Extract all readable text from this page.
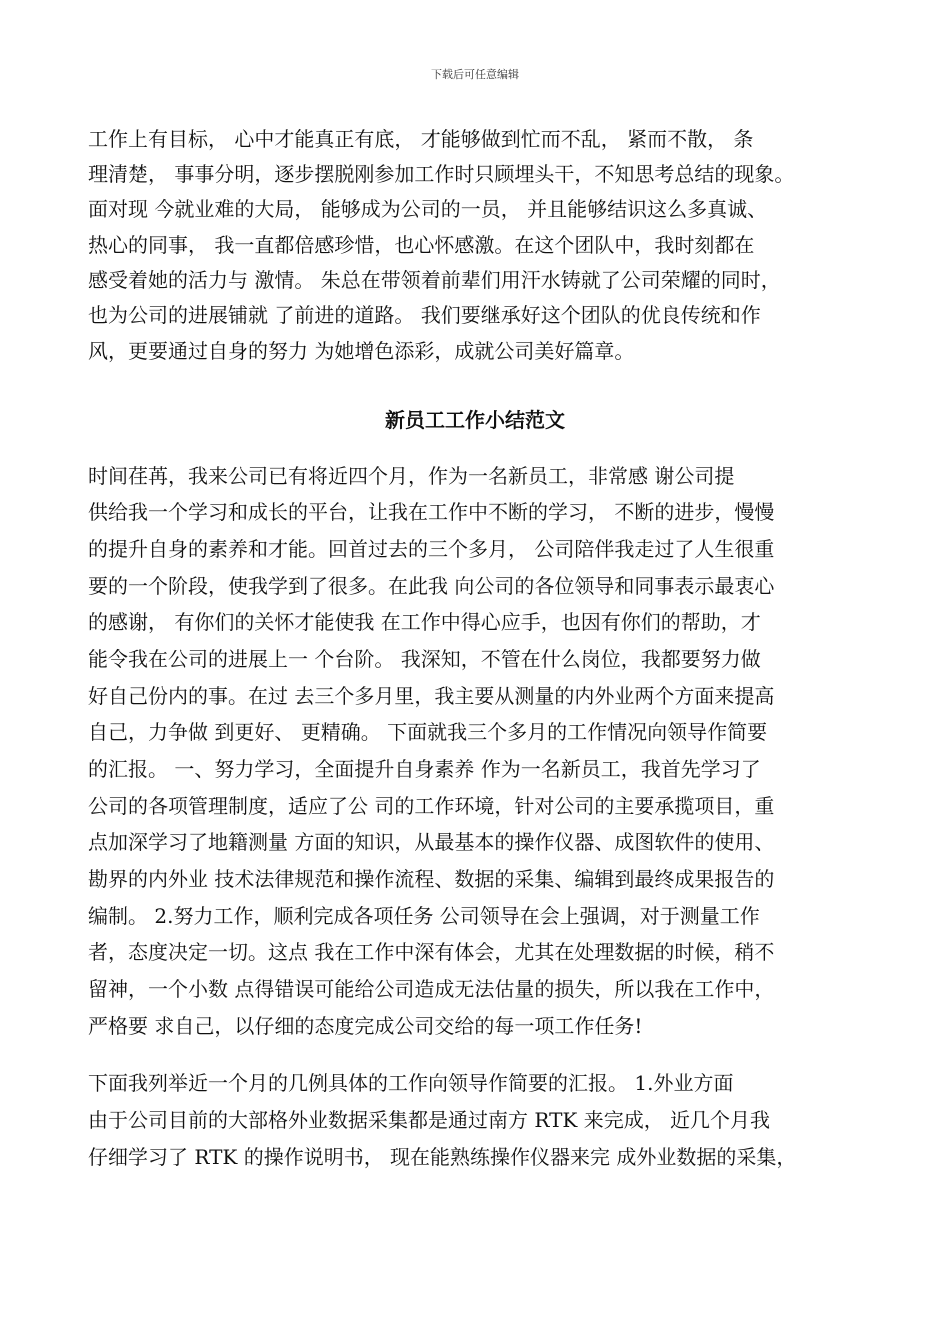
下载后可任意编辑
工作上有目标， 心中才能真正有底， 才能够做到忙而不乱， 紧而不散， 条
理清楚， 事事分明，逐步摆脱刚参加工作时只顾埋头干，不知思考总结的现象。
面对现 今就业难的大局， 能够成为公司的一员， 并且能够结识这么多真诚、
热心的同事， 我一直都倍感珍惜，也心怀感激。在这个团队中，我时刻都在
感受着她的活力与 激情。 朱总在带领着前辈们用汗水铸就了公司荣耀的同时，
也为公司的进展铺就 了前进的道路。 我们要继承好这个团队的优良传统和作
风，更要通过自身的努力 为她增色添彩，成就公司美好篇章。
新员工工作小结范文
时间荏苒，我来公司已有将近四个月，作为一名新员工，非常感 谢公司提
供给我一个学习和成长的平台，让我在工作中不断的学习， 不断的进步，慢慢
的提升自身的素养和才能。回首过去的三个多月， 公司陪伴我走过了人生很重
要的一个阶段，使我学到了很多。在此我 向公司的各位领导和同事表示最衷心
的感谢， 有你们的关怀才能使我 在工作中得心应手，也因有你们的帮助，才
能令我在公司的进展上一 个台阶。 我深知，不管在什么岗位，我都要努力做
好自己份内的事。在过 去三个多月里，我主要从测量的内外业两个方面来提高
自己，力争做 到更好、 更精确。 下面就我三个多月的工作情况向领导作简要
的汇报。 一、努力学习，全面提升自身素养 作为一名新员工，我首先学习了
公司的各项管理制度，适应了公 司的工作环境，针对公司的主要承揽项目，重
点加深学习了地籍测量 方面的知识，从最基本的操作仪器、成图软件的使用、
勘界的内外业 技术法律规范和操作流程、数据的采集、编辑到最终成果报告的
编制。 2.努力工作，顺利完成各项任务 公司领导在会上强调，对于测量工作
者，态度决定一切。这点 我在工作中深有体会，尤其在处理数据的时候，稍不
留神，一个小数 点得错误可能给公司造成无法估量的损失，所以我在工作中，
严格要 求自己，以仔细的态度完成公司交给的每一项工作任务!
下面我列举近一个月的几例具体的工作向领导作简要的汇报。 1.外业方面
由于公司目前的大部格外业数据采集都是通过南方 RTK 来完成， 近几个月我
仔细学习了 RTK 的操作说明书， 现在能熟练操作仪器来完 成外业数据的采集，
